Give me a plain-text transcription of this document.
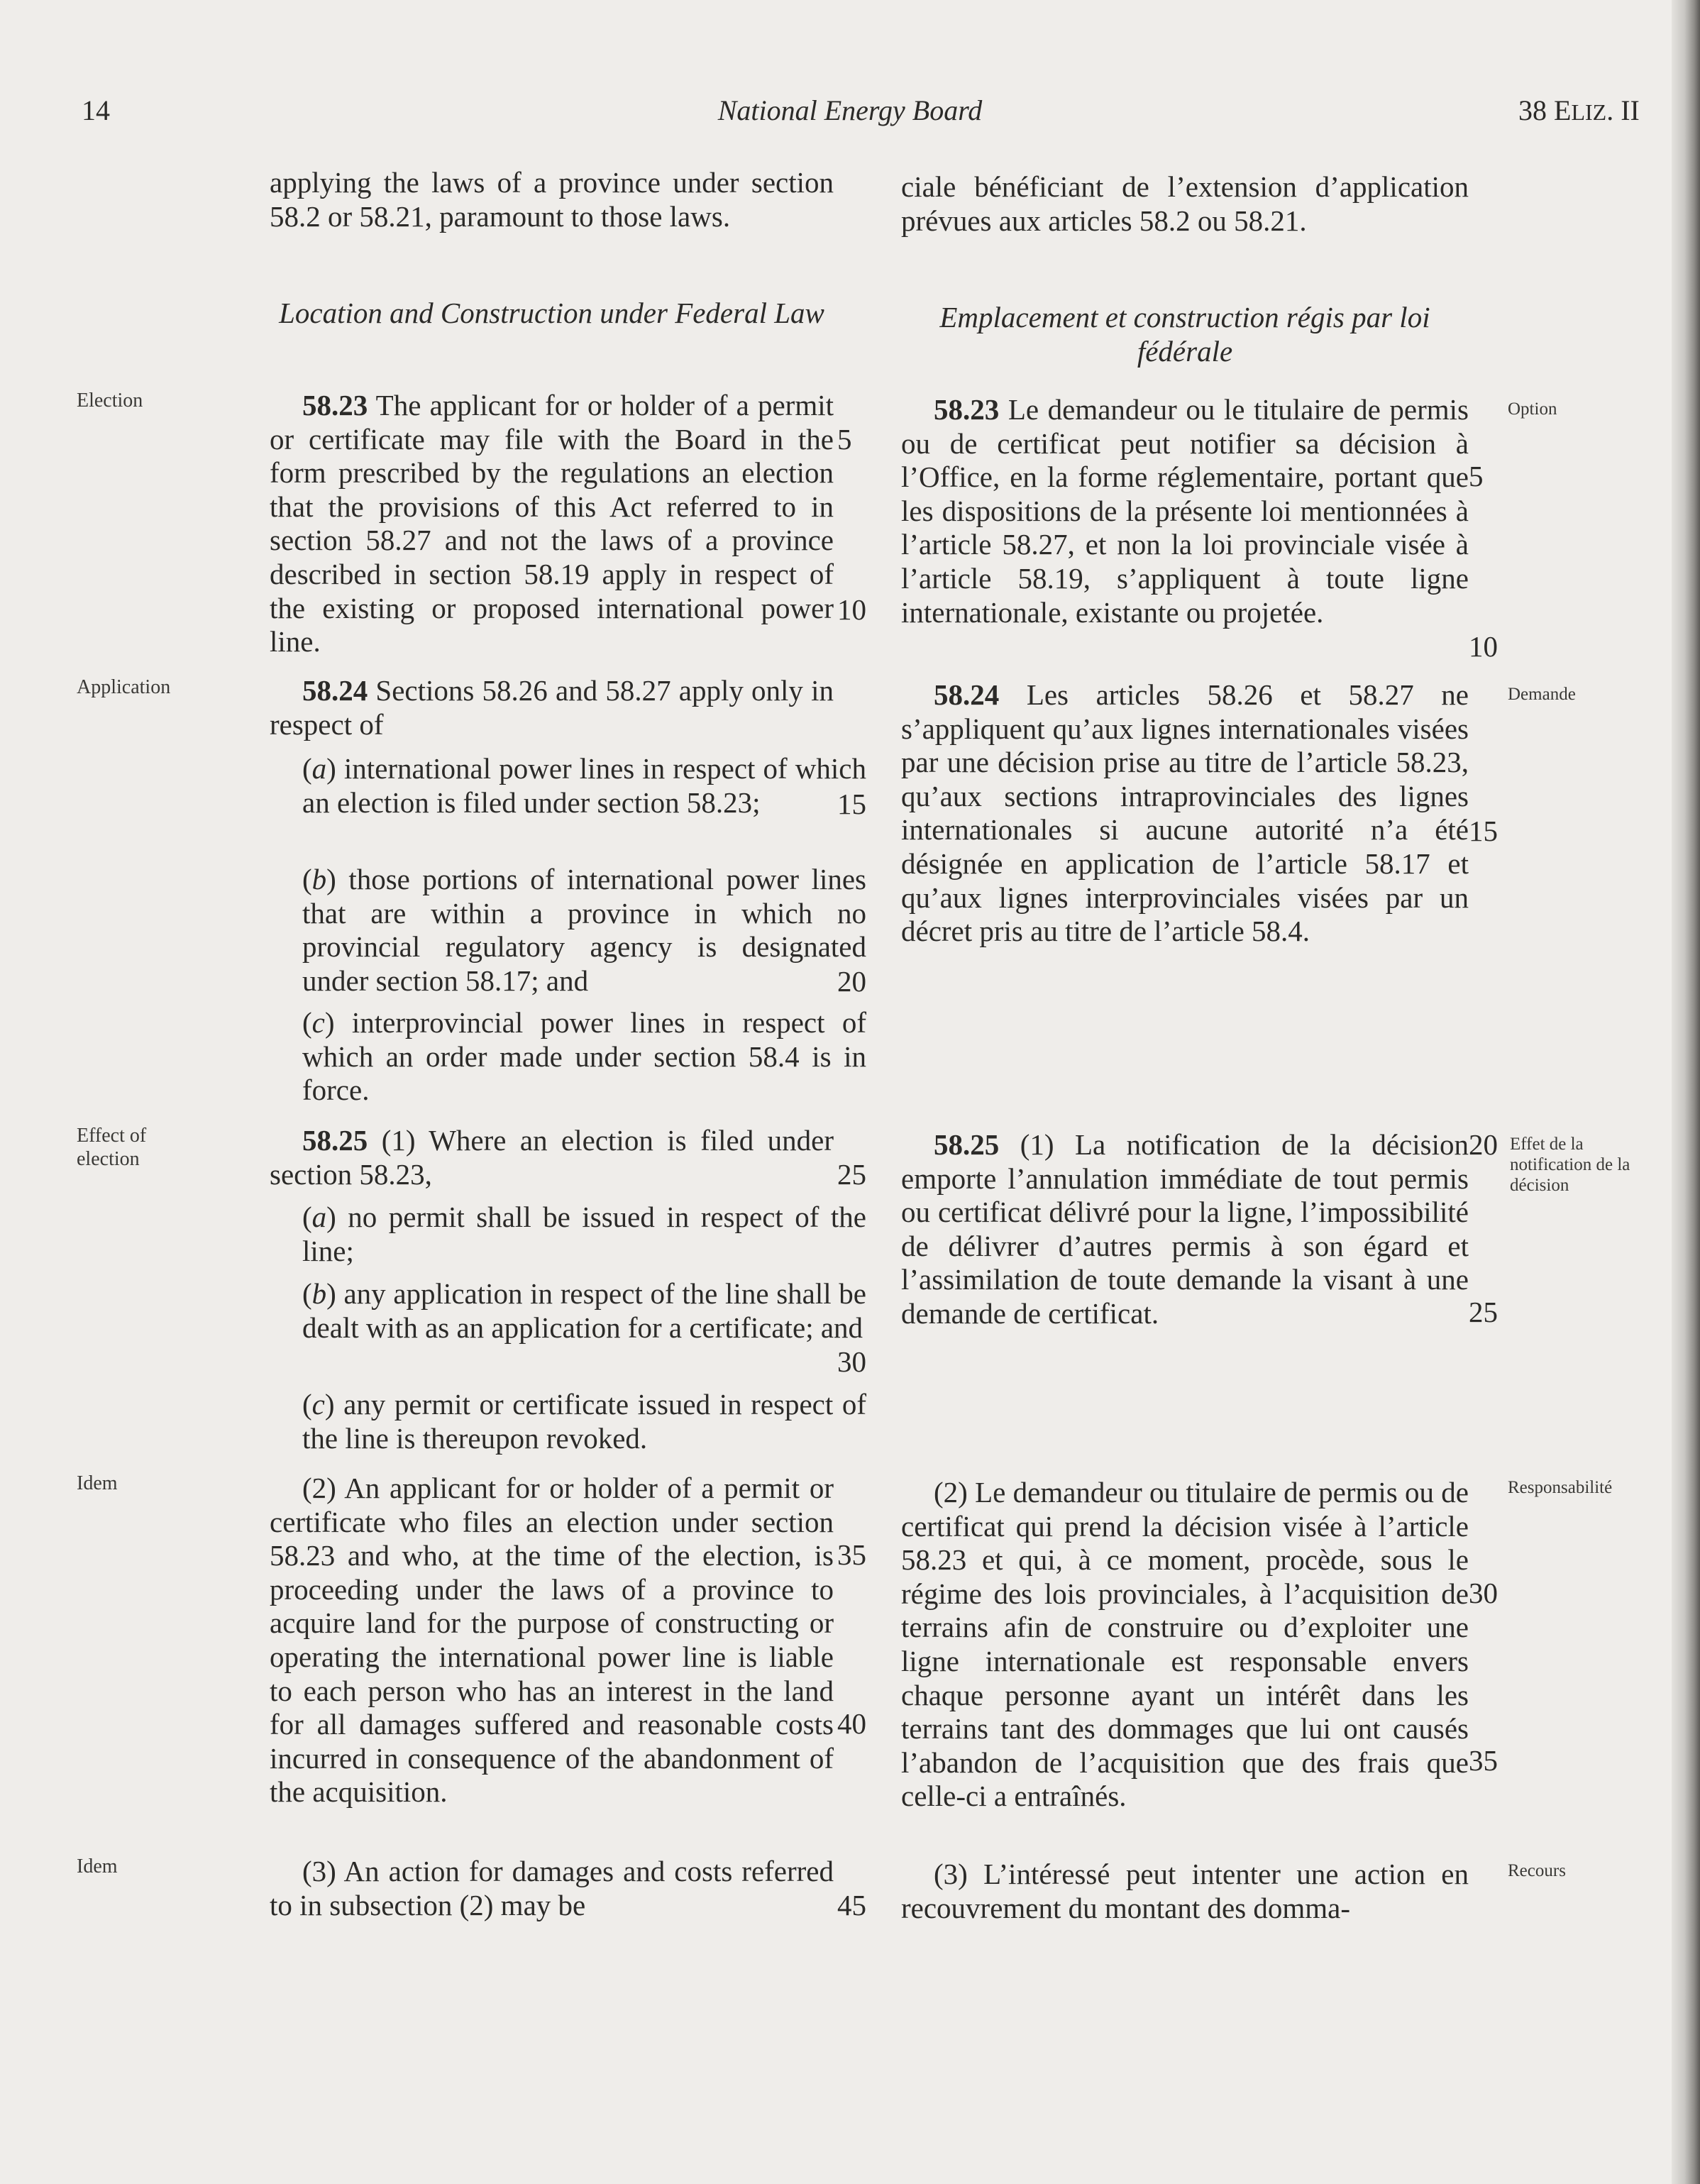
14	National Energy Board	38 ELIZ. II
applying the laws of a province under section 58.2 or 58.21, paramount to those laws.
Location and Construction under Federal Law
58.23 The applicant for or holder of a permit or certificate may file with the Board in the form prescribed by the regulations an election that the provisions of this Act referred to in section 58.27 and not the laws of a province described in section 58.19 apply in respect of the existing or proposed international power line.
58.24 Sections 58.26 and 58.27 apply only in respect of
(a) international power lines in respect of which an election is filed under section 58.23;
(b) those portions of international power lines that are within a province in which no provincial regulatory agency is designated under section 58.17; and
(c) interprovincial power lines in respect of which an order made under section 58.4 is in force.
58.25 (1) Where an election is filed under section 58.23,
(a) no permit shall be issued in respect of the line;
(b) any application in respect of the line shall be dealt with as an application for a certificate; and
(c) any permit or certificate issued in respect of the line is thereupon revoked.
(2) An applicant for or holder of a permit or certificate who files an election under section 58.23 and who, at the time of the election, is proceeding under the laws of a province to acquire land for the purpose of constructing or operating the international power line is liable to each person who has an interest in the land for all damages suffered and reasonable costs incurred in consequence of the abandonment of the acquisition.
(3) An action for damages and costs referred to in subsection (2) may be
5
10
15
20
25
30
35
40
45
ciale bénéficiant de l’extension d’application prévues aux articles 58.2 ou 58.21.
Emplacement et construction régis par loi fédérale
58.23 Le demandeur ou le titulaire de permis ou de certificat peut notifier sa décision à l’Office, en la forme réglementaire, portant que les dispositions de la présente loi mentionnées à l’article 58.27, et non la loi provinciale visée à l’article 58.19, s’appliquent à toute ligne internationale, existante ou projetée.
58.24 Les articles 58.26 et 58.27 ne s’appliquent qu’aux lignes internationales visées par une décision prise au titre de l’article 58.23, qu’aux sections intraprovinciales des lignes internationales si aucune autorité n’a été désignée en application de l’article 58.17 et qu’aux lignes interprovinciales visées par un décret pris au titre de l’article 58.4.
58.25 (1) La notification de la décision emporte l’annulation immédiate de tout permis ou certificat délivré pour la ligne, l’impossibilité de délivrer d’autres permis à son égard et l’assimilation de toute demande la visant à une demande de certificat.
(2) Le demandeur ou titulaire de permis ou de certificat qui prend la décision visée à l’article 58.23 et qui, à ce moment, procède, sous le régime des lois provinciales, à l’acquisition de terrains afin de construire ou d’exploiter une ligne internationale est responsable envers chaque personne ayant un intérêt dans les terrains tant des dommages que lui ont causés l’abandon de l’acquisition que des frais que celle-ci a entraînés.
(3) L’intéressé peut intenter une action en recouvrement du montant des domma-
5
10
15
20
25
30
35
Election
Application
Effect of election
Idem
Idem
Option
Demande
Effet de la notification de la décision
Responsabilité
Recours
